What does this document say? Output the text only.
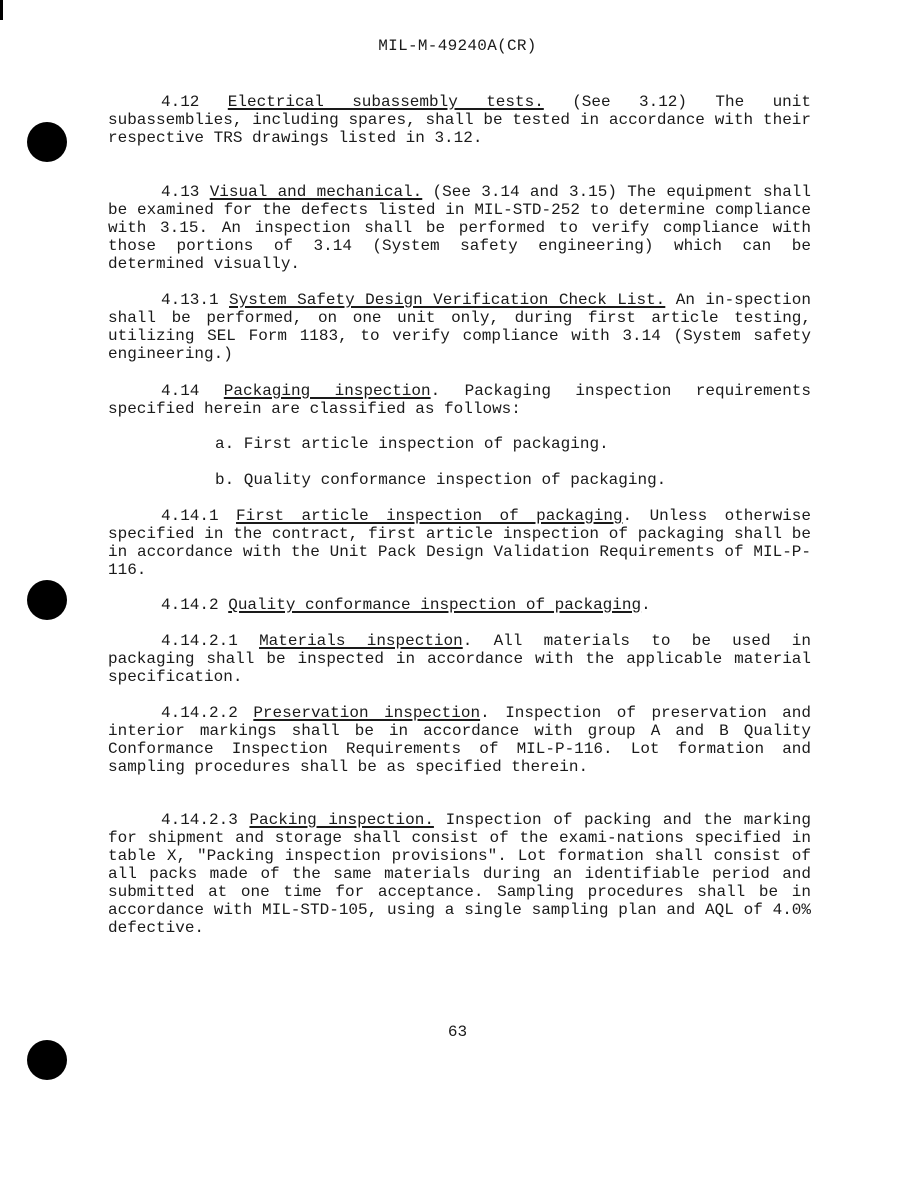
MIL-M-49240A(CR)

4.12 Electrical subassembly tests. (See 3.12) The unit subassemblies, including spares, shall be tested in accordance with their respective TRS drawings listed in 3.12.

4.13 Visual and mechanical. (See 3.14 and 3.15) The equipment shall be examined for the defects listed in MIL-STD-252 to determine compliance with 3.15. An inspection shall be performed to verify compliance with those portions of 3.14 (System safety engineering) which can be determined visually.

4.13.1 System Safety Design Verification Check List. An in-spection shall be performed, on one unit only, during first article testing, utilizing SEL Form 1183, to verify compliance with 3.14 (System safety engineering.)

4.14 Packaging inspection. Packaging inspection requirements specified herein are classified as follows:

a. First article inspection of packaging.
b. Quality conformance inspection of packaging.

4.14.1 First article inspection of packaging. Unless otherwise specified in the contract, first article inspection of packaging shall be in accordance with the Unit Pack Design Validation Requirements of MIL-P-116.

4.14.2 Quality conformance inspection of packaging.

4.14.2.1 Materials inspection. All materials to be used in packaging shall be inspected in accordance with the applicable material specification.

4.14.2.2 Preservation inspection. Inspection of preservation and interior markings shall be in accordance with group A and B Quality Conformance Inspection Requirements of MIL-P-116. Lot formation and sampling procedures shall be as specified therein.

4.14.2.3 Packing inspection. Inspection of packing and the marking for shipment and storage shall consist of the exami-nations specified in table X, "Packing inspection provisions". Lot formation shall consist of all packs made of the same materials during an identifiable period and submitted at one time for acceptance. Sampling procedures shall be in accordance with MIL-STD-105, using a single sampling plan and AQL of 4.0% defective.

63
